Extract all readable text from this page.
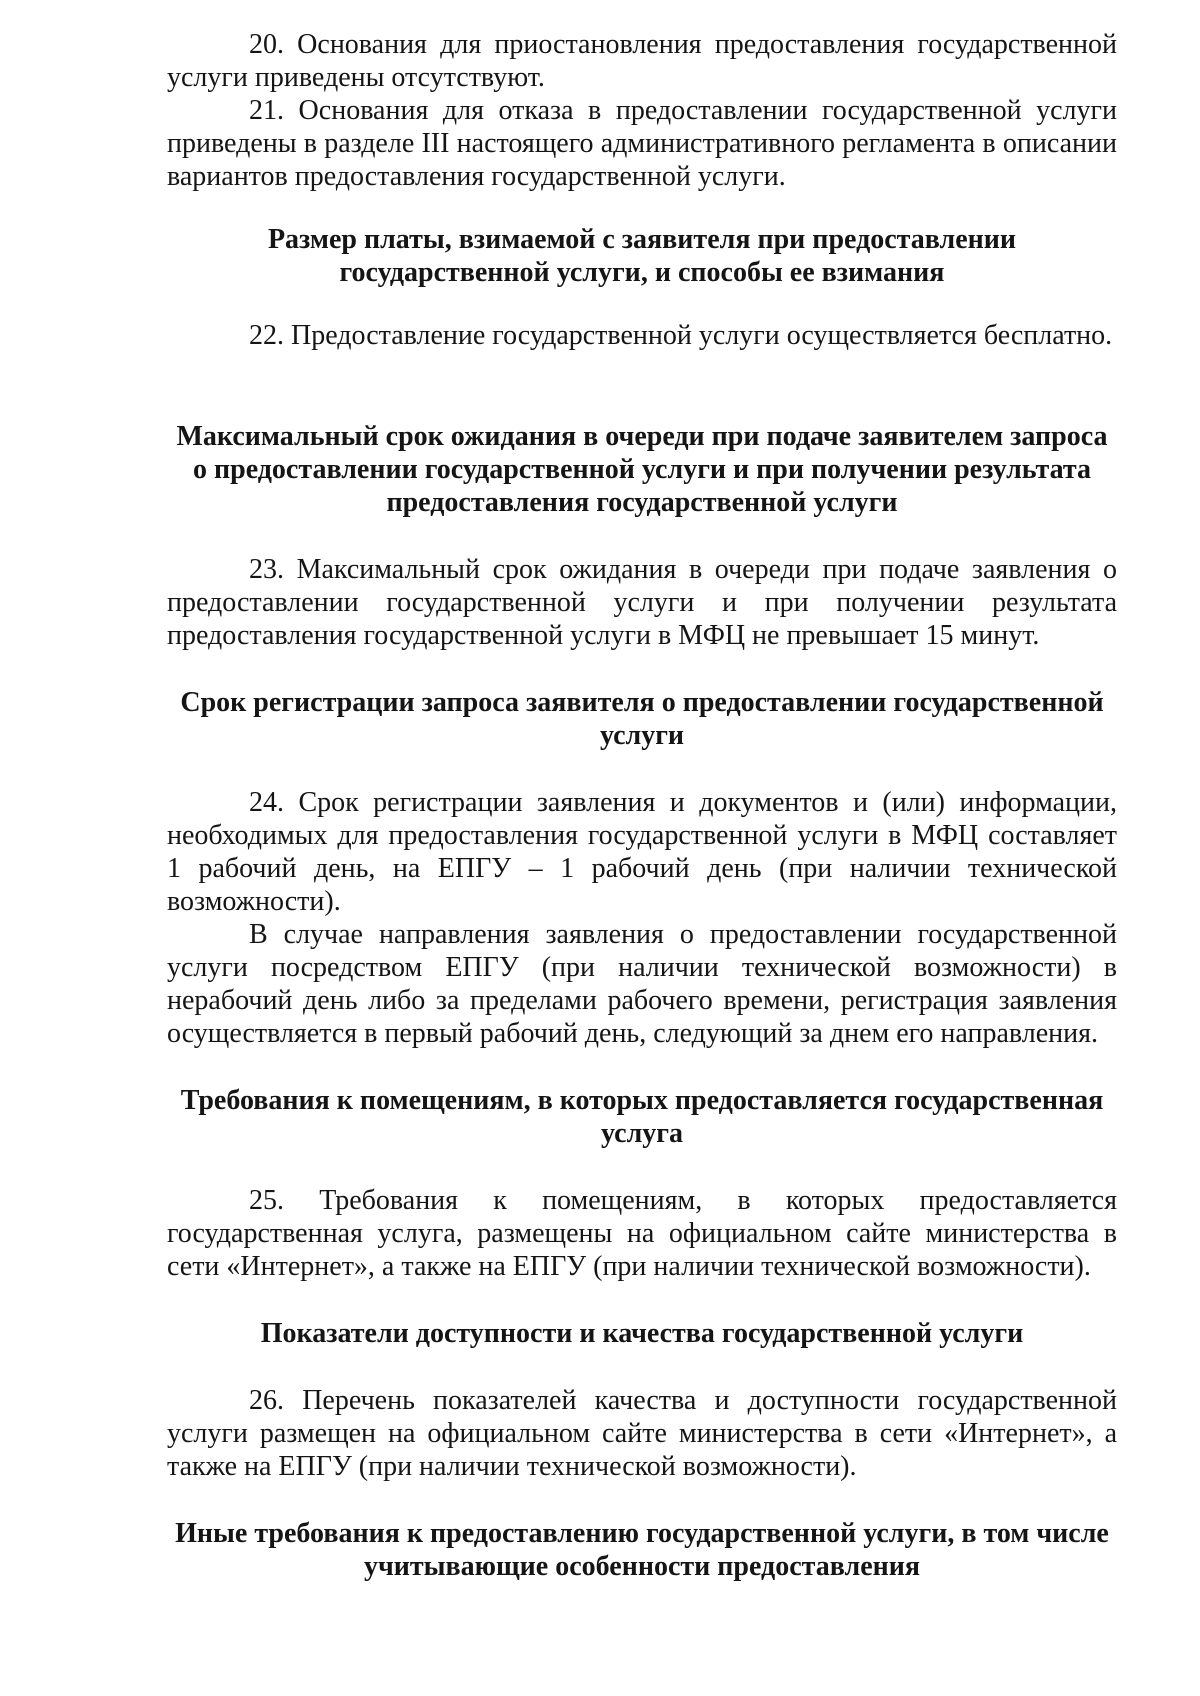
20. Основания для приостановления предоставления государственной услуги приведены отсутствуют.

21. Основания для отказа в предоставлении государственной услуги приведены в разделе III настоящего административного регламента в описании вариантов предоставления государственной услуги.

Размер платы, взимаемой с заявителя при предоставлении государственной услуги, и способы ее взимания

22. Предоставление государственной услуги осуществляется бесплатно.

Максимальный срок ожидания в очереди при подаче заявителем запроса о предоставлении государственной услуги и при получении результата предоставления государственной услуги

23. Максимальный срок ожидания в очереди при подаче заявления о предоставлении государственной услуги и при получении результата предоставления государственной услуги в МФЦ не превышает 15 минут.

Срок регистрации запроса заявителя о предоставлении государственной услуги

24. Срок регистрации заявления и документов и (или) информации, необходимых для предоставления государственной услуги в МФЦ составляет 1 рабочий день, на ЕПГУ – 1 рабочий день (при наличии технической возможности).

В случае направления заявления о предоставлении государственной услуги посредством ЕПГУ (при наличии технической возможности) в нерабочий день либо за пределами рабочего времени, регистрация заявления осуществляется в первый рабочий день, следующий за днем его направления.

Требования к помещениям, в которых предоставляется государственная услуга

25. Требования к помещениям, в которых предоставляется государственная услуга, размещены на официальном сайте министерства в сети «Интернет», а также на ЕПГУ (при наличии технической возможности).

Показатели доступности и качества государственной услуги

26. Перечень показателей качества и доступности государственной услуги размещен на официальном сайте министерства в сети «Интернет», а также на ЕПГУ (при наличии технической возможности).

Иные требования к предоставлению государственной услуги, в том числе учитывающие особенности предоставления
